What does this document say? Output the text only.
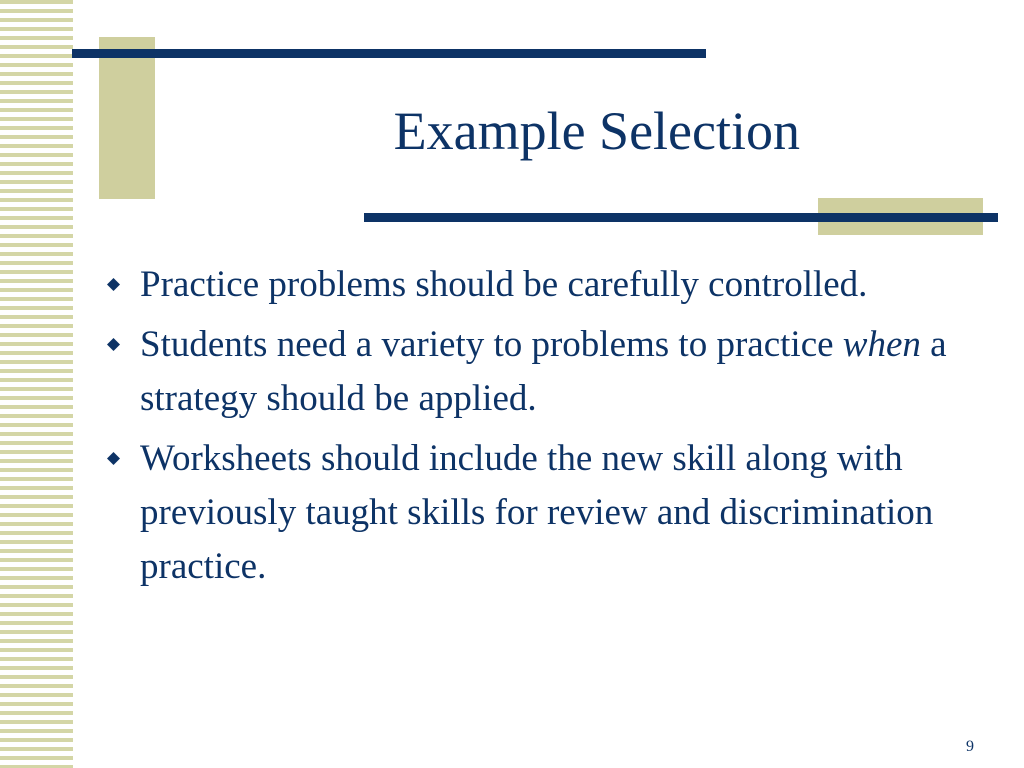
Example Selection
Practice problems should be carefully controlled.
Students need a variety to problems to practice when a strategy should be applied.
Worksheets should include the new skill along with previously taught skills for review and discrimination practice.
9
